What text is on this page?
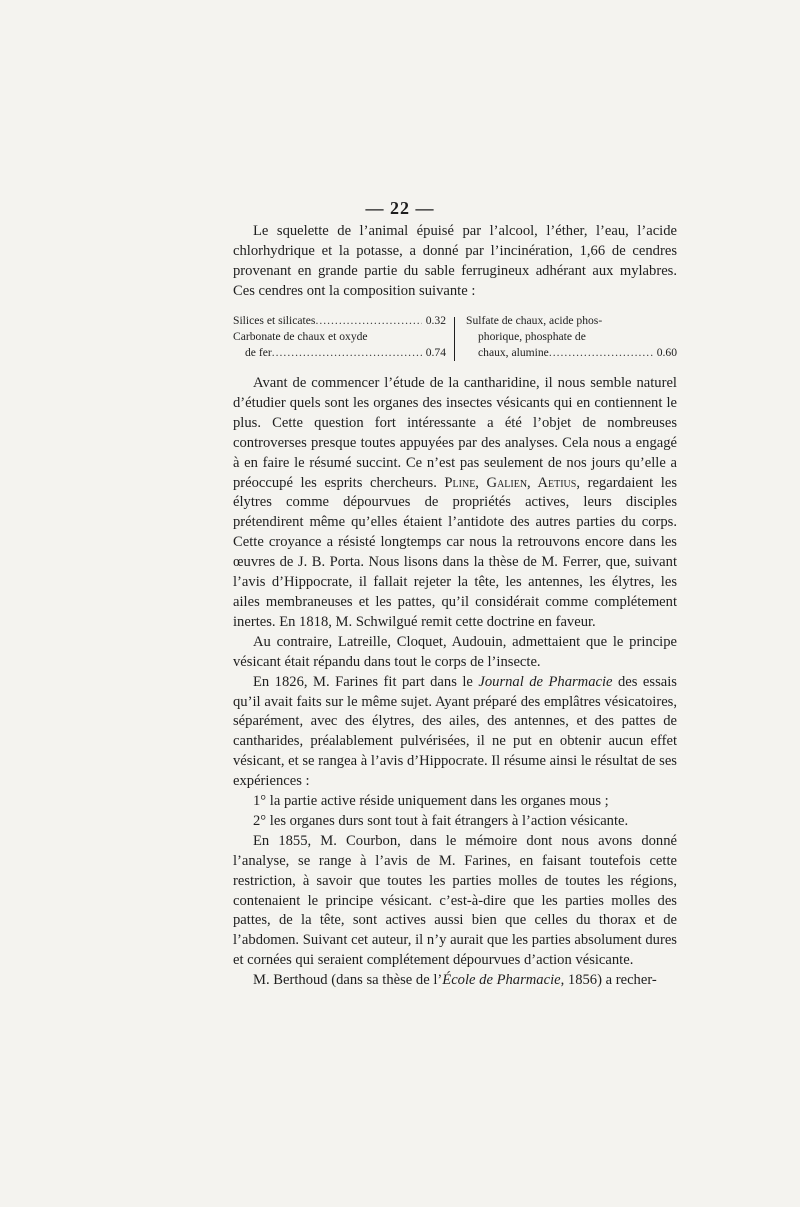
— 22 —

Le squelette de l’animal épuisé par l’alcool, l’éther, l’eau, l’acide chlorhydrique et la potasse, a donné par l’incinération, 1,66 de cendres provenant en grande partie du sable ferrugineux adhérant aux mylabres. Ces cendres ont la composition suivante :

Silices et silicates .....	0.32
Carbonate de chaux et oxyde
de fer .....	0.74
Sulfate de chaux, acide phos-
phorique, phosphate de
chaux, alumine .....	0.60

Avant de commencer l’étude de la cantharidine, il nous semble naturel d’étudier quels sont les organes des insectes vésicants qui en contiennent le plus. Cette question fort intéressante a été l’objet de nombreuses controverses presque toutes appuyées par des analyses. Cela nous a engagé à en faire le résumé succint. Ce n’est pas seulement de nos jours qu’elle a préoccupé les esprits chercheurs. Pline, Galien, Aetius, regardaient les élytres comme dépourvues de propriétés actives, leurs disciples prétendirent même qu’elles étaient l’antidote des autres parties du corps. Cette croyance a résisté longtemps car nous la retrouvons encore dans les œuvres de J. B. Porta. Nous lisons dans la thèse de M. Ferrer, que, suivant l’avis d’Hippocrate, il fallait rejeter la tête, les antennes, les élytres, les ailes membraneuses et les pattes, qu’il considérait comme complétement inertes. En 1818, M. Schwilgué remit cette doctrine en faveur.

Au contraire, Latreille, Cloquet, Audouin, admettaient que le principe vésicant était répandu dans tout le corps de l’insecte.

En 1826, M. Farines fit part dans le Journal de Pharmacie des essais qu’il avait faits sur le même sujet. Ayant préparé des emplâtres vésicatoires, séparément, avec des élytres, des ailes, des antennes, et des pattes de cantharides, préalablement pulvérisées, il ne put en obtenir aucun effet vésicant, et se rangea à l’avis d’Hippocrate. Il résume ainsi le résultat de ses expériences :

1° la partie active réside uniquement dans les organes mous ;

2° les organes durs sont tout à fait étrangers à l’action vésicante.

En 1855, M. Courbon, dans le mémoire dont nous avons donné l’analyse, se range à l’avis de M. Farines, en faisant toutefois cette restriction, à savoir que toutes les parties molles de toutes les régions, contenaient le principe vésicant. c’est-à-dire que les parties molles des pattes, de la tête, sont actives aussi bien que celles du thorax et de l’abdomen. Suivant cet auteur, il n’y aurait que les parties absolument dures et cornées qui seraient complétement dépourvues d’action vésicante.

M. Berthoud (dans sa thèse de l’École de Pharmacie, 1856) a recher-
